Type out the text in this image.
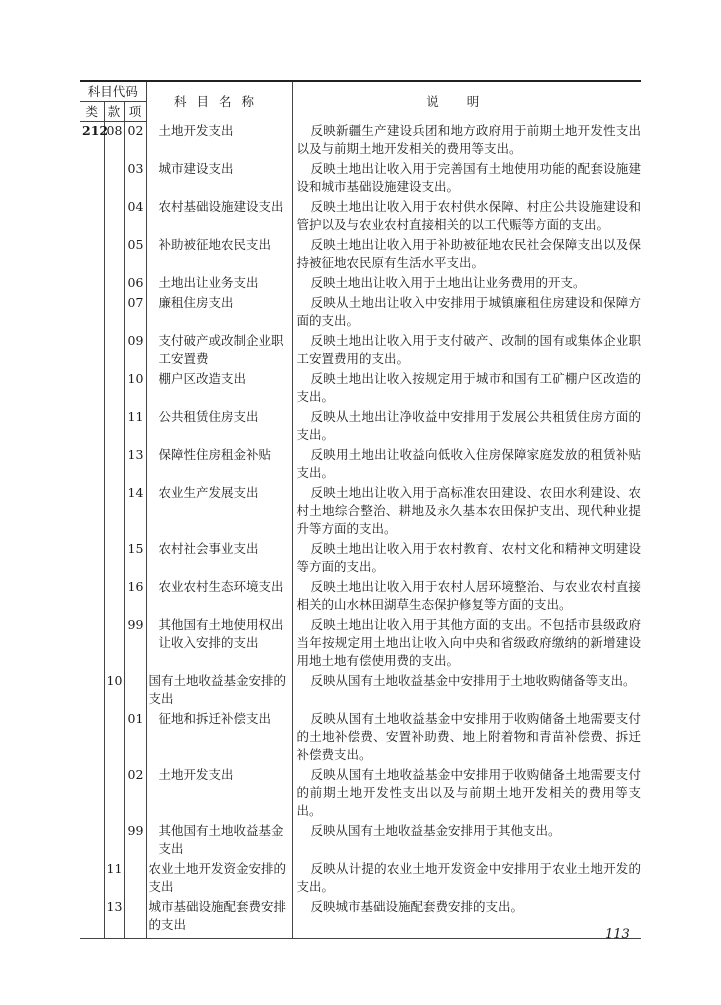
科目代码			科目名称	说明
类	款	项		
212	08	02	土地开发支出	反映新疆生产建设兵团和地方政府用于前期土地开发性支出以及与前期土地开发相关的费用等支出。
		03	城市建设支出	反映土地出让收入用于完善国有土地使用功能的配套设施建设和城市基础设施建设支出。
		04	农村基础设施建设支出	反映土地出让收入用于农村供水保障、村庄公共设施建设和管护以及与农业农村直接相关的以工代赈等方面的支出。
		05	补助被征地农民支出	反映土地出让收入用于补助被征地农民社会保障支出以及保持被征地农民原有生活水平支出。
		06	土地出让业务支出	反映土地出让收入用于土地出让业务费用的开支。
		07	廉租住房支出	反映从土地出让收入中安排用于城镇廉租住房建设和保障方面的支出。
		09	支付破产或改制企业职工安置费	反映土地出让收入用于支付破产、改制的国有或集体企业职工安置费用的支出。
		10	棚户区改造支出	反映土地出让收入按规定用于城市和国有工矿棚户区改造的支出。
		11	公共租赁住房支出	反映从土地出让净收益中安排用于发展公共租赁住房方面的支出。
		13	保障性住房租金补贴	反映用土地出让收益向低收入住房保障家庭发放的租赁补贴支出。
		14	农业生产发展支出	反映土地出让收入用于高标准农田建设、农田水利建设、农村土地综合整治、耕地及永久基本农田保护支出、现代种业提升等方面的支出。
		15	农村社会事业支出	反映土地出让收入用于农村教育、农村文化和精神文明建设等方面的支出。
		16	农业农村生态环境支出	反映土地出让收入用于农村人居环境整治、与农业农村直接相关的山水林田湖草生态保护修复等方面的支出。
		99	其他国有土地使用权出让收入安排的支出	反映土地出让收入用于其他方面的支出。不包括市县级政府当年按规定用土地出让收入向中央和省级政府缴纳的新增建设用地土地有偿使用费的支出。
	10		国有土地收益基金安排的支出	反映从国有土地收益基金中安排用于土地收购储备等支出。
		01	征地和拆迁补偿支出	反映从国有土地收益基金中安排用于收购储备土地需要支付的土地补偿费、安置补助费、地上附着物和青苗补偿费、拆迁补偿费支出。
		02	土地开发支出	反映从国有土地收益基金中安排用于收购储备土地需要支付的前期土地开发性支出以及与前期土地开发相关的费用等支出。
		99	其他国有土地收益基金支出	反映从国有土地收益基金安排用于其他支出。
	11		农业土地开发资金安排的支出	反映从计提的农业土地开发资金中安排用于农业土地开发的支出。
	13		城市基础设施配套费安排的支出	反映城市基础设施配套费安排的支出。
113
